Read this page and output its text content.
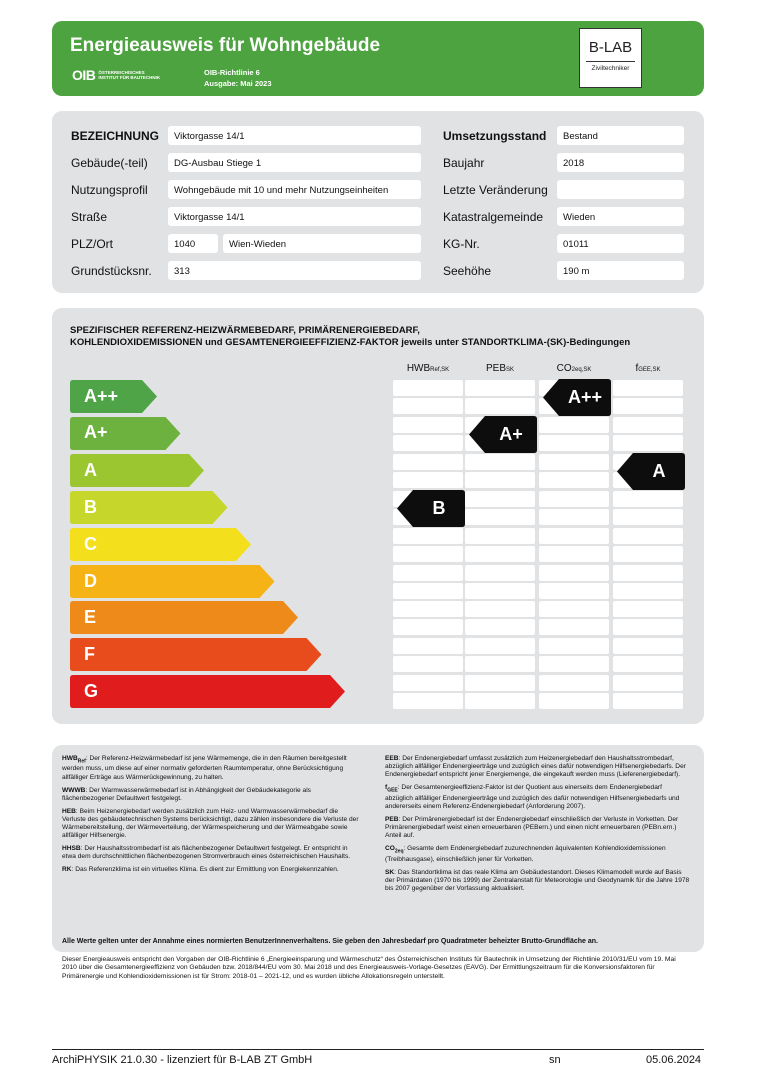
Energieausweis für Wohngebäude
OIB ÖSTERREICHISCHES
INSTITUT FÜR BAUTECHNIK
OIB-Richtlinie 6
Ausgabe: Mai 2023
B-LAB
Ziviltechniker
BEZEICHNUNG	Viktorgasse 14/1
Gebäude(-teil)	DG-Ausbau Stiege 1
Nutzungsprofil	Wohngebäude mit 10 und mehr Nutzungseinheiten
Straße	Viktorgasse 14/1
PLZ/Ort	1040	Wien-Wieden
Grundstücksnr.	313
Umsetzungsstand	Bestand
Baujahr	2018
Letzte Veränderung
Katastralgemeinde	Wieden
KG-Nr.	01011
Seehöhe	190 m
SPEZIFISCHER REFERENZ-HEIZWÄRMEBEDARF, PRIMÄRENERGIEBEDARF,
KOHLENDIOXIDEMISSIONEN und GESAMTENERGIEEFFIZIENZ-FAKTOR jeweils unter STANDORTKLIMA-(SK)-Bedingungen
HWBRef,SK	PEBSK	CO2eq,SK	fGEE,SK
A++
A+
A
B
C
D
E
F
G
B
A+
A++
A

$HWB_{Ref}$: Der Referenz-Heizwärmebedarf ist jene Wärmemenge, die in den Räumen bereitgestellt werden muss, um diese auf einer normativ geforderten Raumtemperatur, ohne Berücksichtigung allfälliger Erträge aus Wärmerückgewinnung, zu halten.

WWWB: Der Warmwasserwärmebedarf ist in Abhängigkeit der Gebäudekategorie als flächenbezogener Defaultwert festgelegt.

HEB: Beim Heizenergiebedarf werden zusätzlich zum Heiz- und Warmwasserwärmebedarf die Verluste des gebäudetechnischen Systems berücksichtigt, dazu zählen insbesondere die Verluste der Wärmebereitstellung, der Wärmeverteilung, der Wärmespeicherung und der Wärmeabgabe sowie allfälliger Hilfsenergie.

HHSB: Der Haushaltsstrombedarf ist als flächenbezogener Defaultwert festgelegt. Er entspricht in etwa dem durchschnittlichen flächenbezogenen Stromverbrauch eines österreichischen Haushalts.

RK: Das Referenzklima ist ein virtuelles Klima. Es dient zur Ermittlung von Energiekennzahlen.

EEB: Der Endenergiebedarf umfasst zusätzlich zum Heizenergiebedarf den Haushaltsstrombedarf, abzüglich allfälliger Endenergieerträge und zuzüglich eines dafür notwendigen Hilfsenergiebedarfs. Der Endenergiebedarf entspricht jener Energiemenge, die eingekauft werden muss (Lieferenergiebedarf).

$f_{GEE}$: Der Gesamtenergieeffizienz-Faktor ist der Quotient aus einerseits dem Endenergiebedarf abzüglich allfälliger Endenergieerträge und zuzüglich des dafür notwendigen Hilfsenergiebedarfs und andererseits einem Referenz-Endenergiebedarf (Anforderung 2007).

PEB: Der Primärenergiebedarf ist der Endenergiebedarf einschließlich der Verluste in Vorketten. Der Primärenergiebedarf weist einen erneuerbaren (PEBern.) und einen nicht erneuerbaren (PEBn.ern.) Anteil auf.

$CO_{2eq}$: Gesamte dem Endenergiebedarf zuzurechnenden äquivalenten Kohlendioxidemissionen (Treibhausgase), einschließlich jener für Vorketten.

SK: Das Standortklima ist das reale Klima am Gebäudestandort. Dieses Klimamodell wurde auf Basis der Primärdaten (1970 bis 1999) der Zentralanstalt für Meteorologie und Geodynamik für die Jahre 1978 bis 2007 gegenüber der Vorfassung aktualisiert.

Alle Werte gelten unter der Annahme eines normierten BenutzerInnenverhaltens. Sie geben den Jahresbedarf pro Quadratmeter beheizter Brutto-Grundfläche an.
Dieser Energieausweis entspricht den Vorgaben der OIB-Richtlinie 6 „Energieeinsparung und Wärmeschutz“ des Österreichischen Instituts für Bautechnik in Umsetzung der Richtlinie 2010/31/EU vom 19. Mai 2010 über die Gesamtenergieeffizienz von Gebäuden bzw. 2018/844/EU vom 30. Mai 2018 und des Energieausweis-Vorlage-Gesetzes (EAVG). Der Ermittlungszeitraum für die Konversionsfaktoren für Primärenergie und Kohlendioxidemissionen ist für Strom: 2018-01 – 2021-12, und es wurden übliche Allokationsregeln unterstellt.
ArchiPHYSIK 21.0.30 - lizenziert für B-LAB ZT GmbH	sn	05.06.2024
